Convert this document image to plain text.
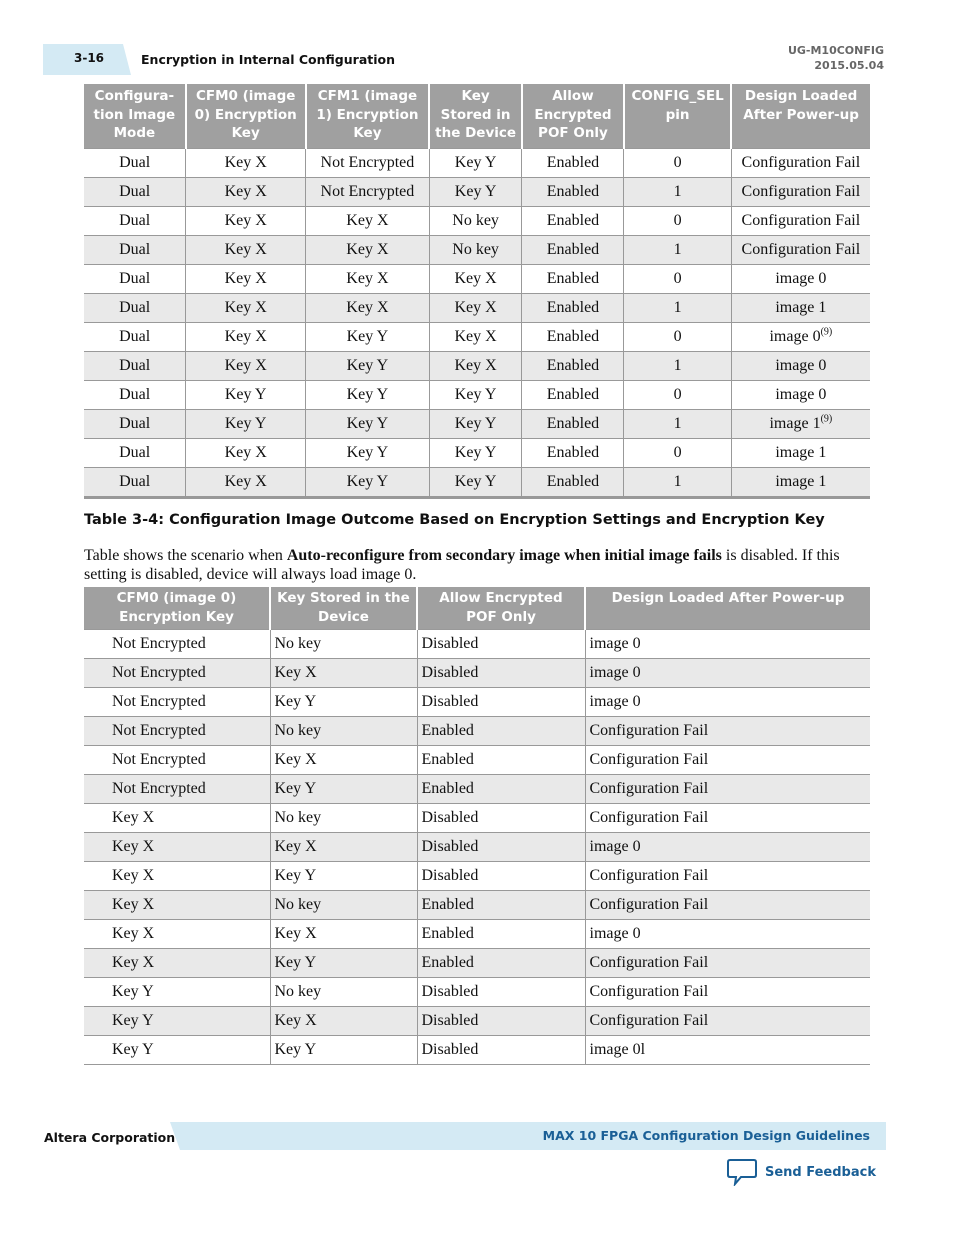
3-16	Encryption in Internal Configuration
UG-M10CONFIG
2015.05.04
Configura-tion Image Mode	CFM0 (image 0) Encryption Key	CFM1 (image 1) Encryption Key	Key Stored in the Device	Allow Encrypted POF Only	CONFIG_SEL pin	Design Loaded After Power-up
Dual	Key X	Not Encrypted	Key Y	Enabled	0	Configuration Fail
Dual	Key X	Not Encrypted	Key Y	Enabled	1	Configuration Fail
Dual	Key X	Key X	No key	Enabled	0	Configuration Fail
Dual	Key X	Key X	No key	Enabled	1	Configuration Fail
Dual	Key X	Key X	Key X	Enabled	0	image 0
Dual	Key X	Key X	Key X	Enabled	1	image 1
Dual	Key X	Key Y	Key X	Enabled	0	image 0$^{(9)}$
Dual	Key X	Key Y	Key X	Enabled	1	image 0
Dual	Key Y	Key Y	Key Y	Enabled	0	image 0
Dual	Key Y	Key Y	Key Y	Enabled	1	image 1$^{(9)}$
Dual	Key X	Key Y	Key Y	Enabled	0	image 1
Dual	Key X	Key Y	Key Y	Enabled	1	image 1
Table 3-4: Configuration Image Outcome Based on Encryption Settings and Encryption Key
Table shows the scenario when Auto-reconfigure from secondary image when initial image fails is disabled. If this setting is disabled, device will always load image 0.
CFM0 (image 0) Encryption Key	Key Stored in the Device	Allow Encrypted POF Only	Design Loaded After Power-up
Not Encrypted	No key	Disabled	image 0
Not Encrypted	Key X	Disabled	image 0
Not Encrypted	Key Y	Disabled	image 0
Not Encrypted	No key	Enabled	Configuration Fail
Not Encrypted	Key X	Enabled	Configuration Fail
Not Encrypted	Key Y	Enabled	Configuration Fail
Key X	No key	Disabled	Configuration Fail
Key X	Key X	Disabled	image 0
Key X	Key Y	Disabled	Configuration Fail
Key X	No key	Enabled	Configuration Fail
Key X	Key X	Enabled	image 0
Key X	Key Y	Enabled	Configuration Fail
Key Y	No key	Disabled	Configuration Fail
Key Y	Key X	Disabled	Configuration Fail
Key Y	Key Y	Disabled	image 0l
Altera Corporation	MAX 10 FPGA Configuration Design Guidelines
Send Feedback
